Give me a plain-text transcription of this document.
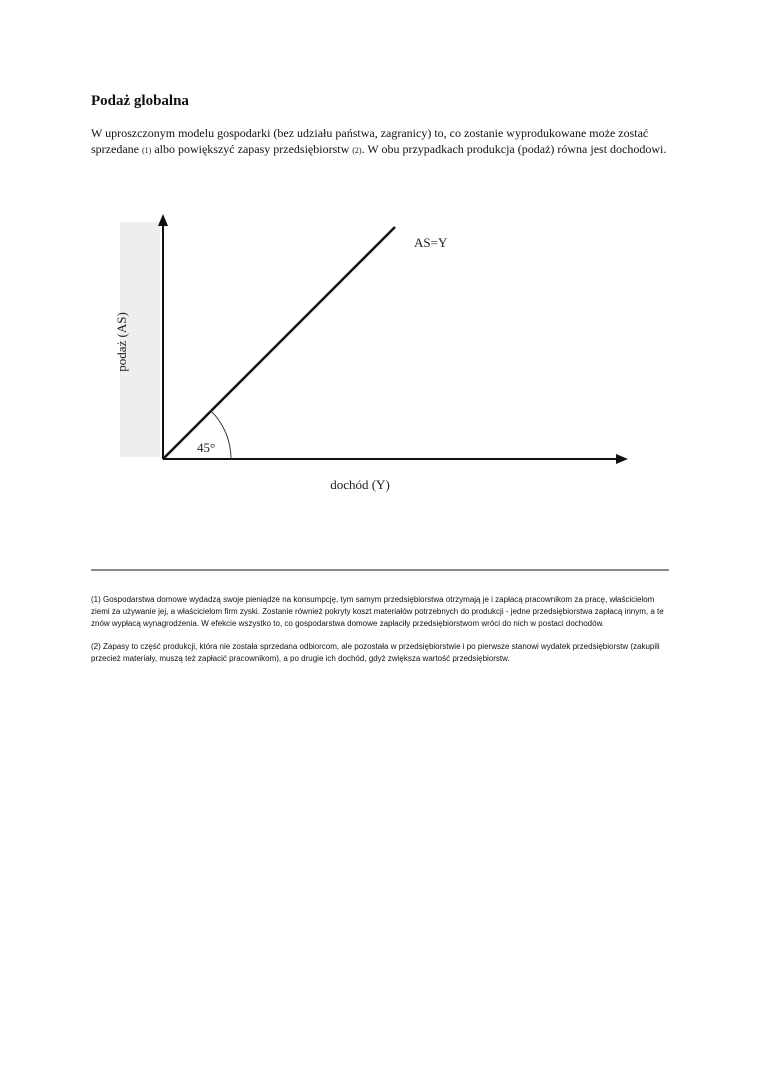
Podaż globalna

W uproszczonym modelu gospodarki (bez udziału państwa, zagranicy) to, co zostanie wyprodukowane może zostać sprzedane (1) albo powiększyć zapasy przedsiębiorstw (2). W obu przypadkach produkcja (podaż) równa jest dochodowi.

45°
AS=Y
podaż (AS)
dochód (Y)

(1) Gospodarstwa domowe wydadzą swoje pieniądze na konsumpcję, tym samym przedsiębiorstwa otrzymają je i zapłacą pracownikom za pracę, właścicielom ziemi za używanie jej, a właścicielom firm zyski. Zostanie również pokryty koszt materiałów potrzebnych do produkcji - jedne przedsiębiorstwa zapłacą innym, a te znów wypłacą wynagrodzenia. W efekcie wszystko to, co gospodarstwa domowe zapłaciły przedsiębiorstwom wróci do nich w postaci dochodów.

(2) Zapasy to część produkcji, która nie została sprzedana odbiorcom, ale pozostała w przedsiębiorstwie i po pierwsze stanowi wydatek przedsiębiorstw (zakupili przecież materiały, muszą też zapłacić pracownikom), a po drugie ich dochód, gdyż zwiększa wartość przedsiębiorstw.
